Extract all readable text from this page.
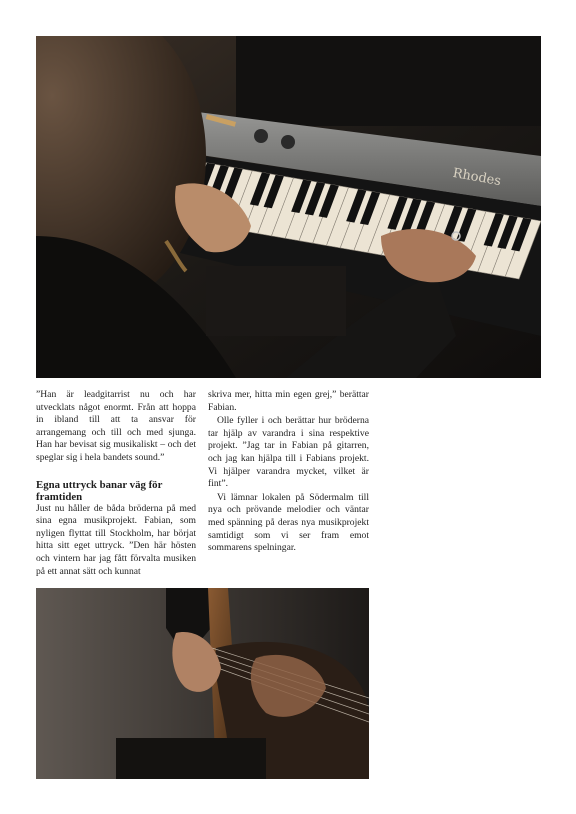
Rhodes

”Han är leadgitarrist nu och har utvecklats något enormt. Från att hoppa in ibland till att ta ansvar för arrangemang och till och med sjunga. Han har bevisat sig musikaliskt – och det speglar sig i hela bandets sound.”

Egna uttryck banar väg för framtiden

Just nu håller de båda bröderna på med sina egna musikprojekt. Fabian, som nyligen flyttat till Stockholm, har börjat hitta sitt eget uttryck. ”Den här hösten och vintern har jag fått förvalta musiken på ett annat sätt och kunnat

skriva mer, hitta min egen grej,” berättar Fabian.

Olle fyller i och berättar hur bröderna tar hjälp av varandra i sina respektive projekt. ”Jag tar in Fabian på gitarren, och jag kan hjälpa till i Fabians projekt. Vi hjälper varandra mycket, vilket är fint”.

Vi lämnar lokalen på Södermalm till nya och prövande melodier och väntar med spänning på deras nya musikprojekt samtidigt som vi ser fram emot sommarens spelningar.
